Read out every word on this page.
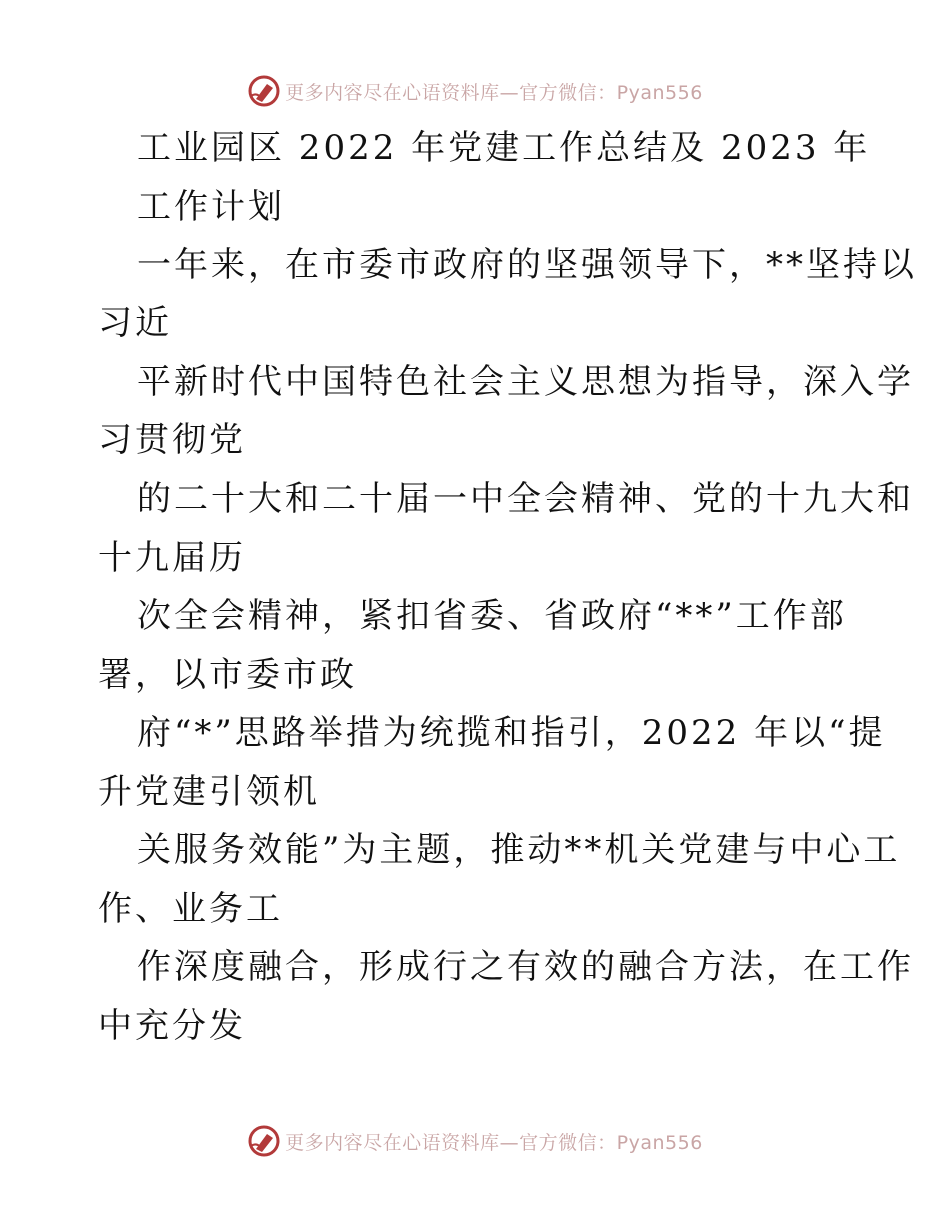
更多内容尽在心语资料库—官方微信：Pyan556
工业园区 2022 年党建工作总结及 2023 年
工作计划
一年来，在市委市政府的坚强领导下，**坚持以
习近
平新时代中国特色社会主义思想为指导，深入学
习贯彻党
的二十大和二十届一中全会精神、党的十九大和
十九届历
次全会精神，紧扣省委、省政府“**”工作部
署，以市委市政
府“*”思路举措为统揽和指引，2022 年以“提
升党建引领机
关服务效能”为主题，推动**机关党建与中心工
作、业务工
作深度融合，形成行之有效的融合方法，在工作
中充分发
更多内容尽在心语资料库—官方微信：Pyan556
